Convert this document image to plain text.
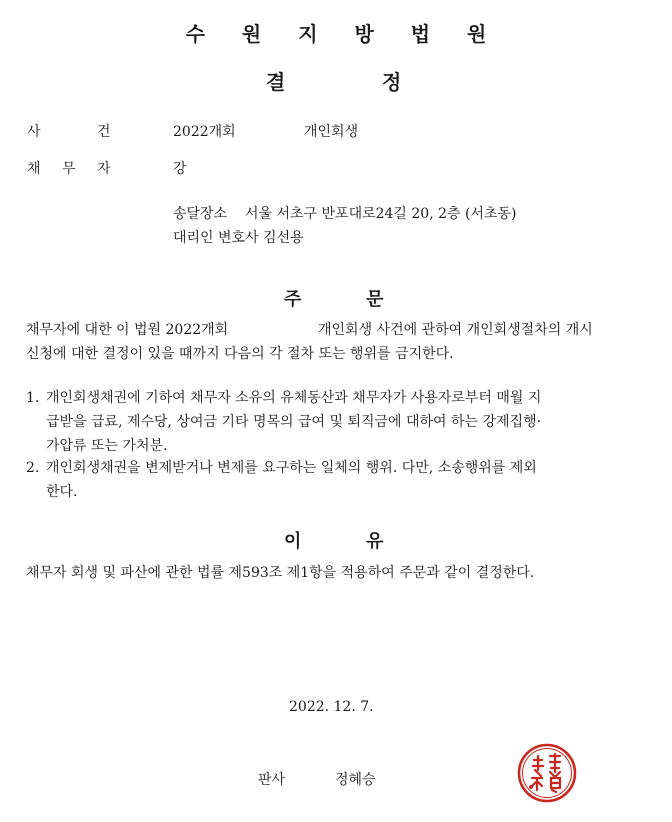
수 원 지 방 법 원
결	정
사	건	2022개회	개인회생
채 무 자	강
송달장소 서울 서초구 반포대로24길 20, 2층 (서초동)
대리인 변호사 김선용
주	문
채무자에 대한 이 법원 2022개회	개인회생 사건에 관하여 개인회생절차의 개시
신청에 대한 결정이 있을 때까지 다음의 각 절차 또는 행위를 금지한다.
1. 개인회생채권에 기하여 채무자 소유의 유체동산과 채무자가 사용자로부터 매월 지
급받을 급료, 제수당, 상여금 기타 명목의 급여 및 퇴직금에 대하여 하는 강제집행·
가압류 또는 가처분.
2. 개인회생채권을 변제받거나 변제를 요구하는 일체의 행위. 다만, 소송행위를 제외
한다.
이	유
채무자 회생 및 파산에 관한 법률 제593조 제1항을 적용하여 주문과 같이 결정한다.
2022. 12. 7.
판사	정혜승
